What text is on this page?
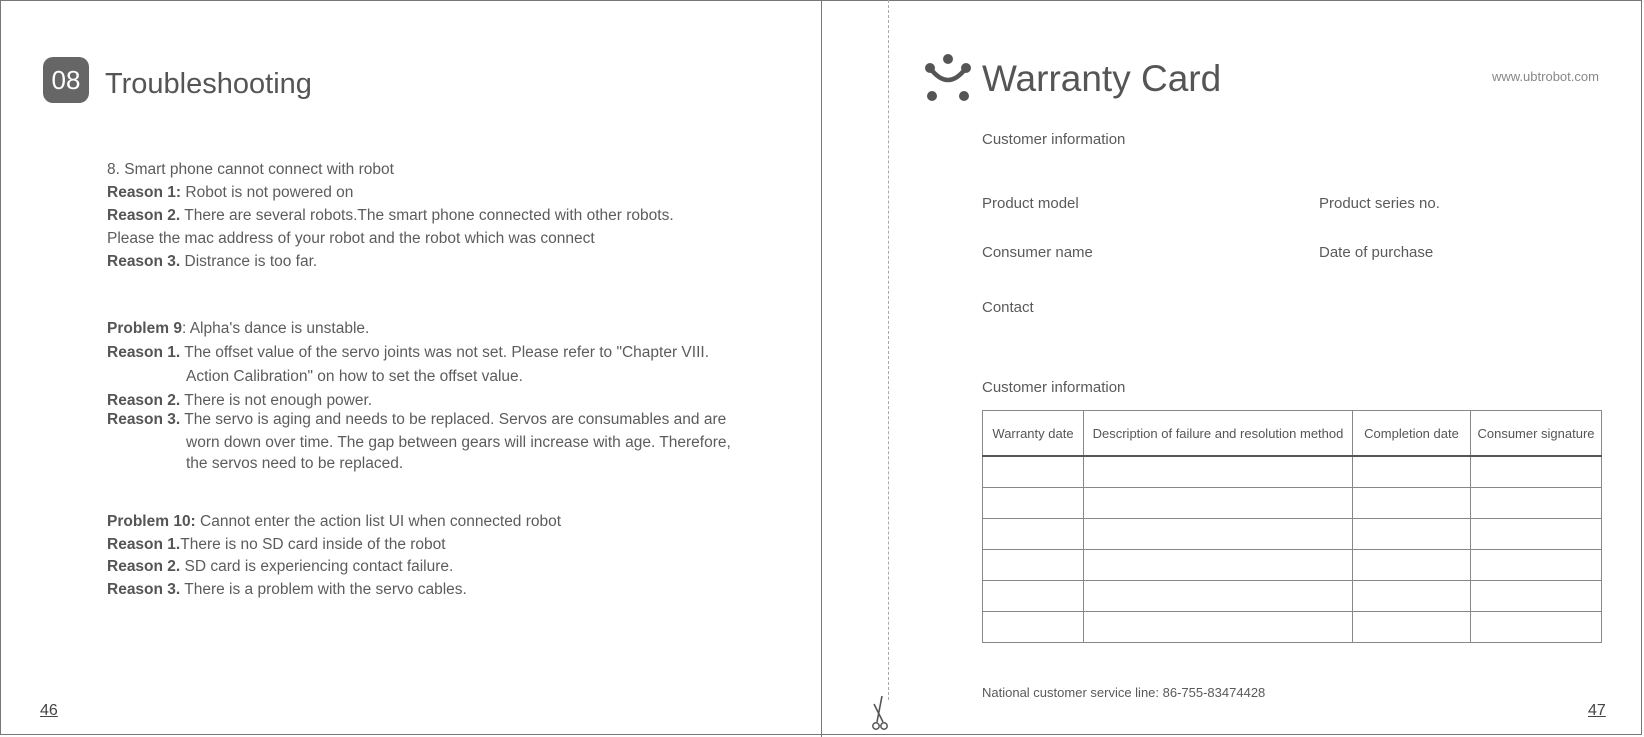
08 Troubleshooting
8. Smart phone cannot connect with robot
Reason 1: Robot is not powered on
Reason 2. There are several robots.The smart phone connected with other robots.
Please the mac address of your robot and the robot which was connect
Reason 3. Distrance is too far.
Problem 9: Alpha's dance is unstable.
Reason 1. The offset value of the servo joints was not set. Please refer to "Chapter VIII.
Action Calibration" on how to set the offset value.
Reason 2. There is not enough power.
Reason 3. The servo is aging and needs to be replaced. Servos are consumables and are
worn down over time. The gap between gears will increase with age. Therefore,
the servos need to be replaced.
Problem 10: Cannot enter the action list UI when connected robot
Reason 1.There is no SD card inside of the robot
Reason 2. SD card is experiencing contact failure.
Reason 3. There is a problem with the servo cables.
46
Warranty Card	www.ubtrobot.com
Customer information
Product model	Product series no.
Consumer name	Date of purchase
Contact
Customer information
Warranty date	Description of failure and resolution method	Completion date	Consumer signature

National customer service line: 86-755-83474428
47
